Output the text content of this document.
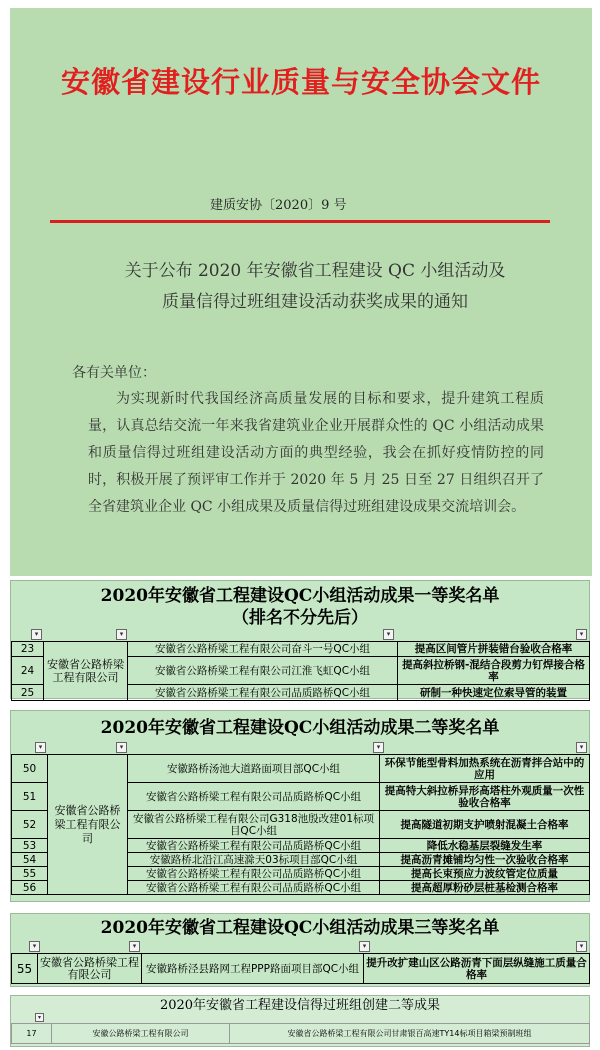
安徽省建设行业质量与安全协会文件
建质安协〔2020〕9 号
关于公布 2020 年安徽省工程建设 QC 小组活动及
质量信得过班组建设活动获奖成果的通知
各有关单位：
为实现新时代我国经济高质量发展的目标和要求，提升建筑工程质量，认真总结交流一年来我省建筑业企业开展群众性的 QC 小组活动成果和质量信得过班组建设活动方面的典型经验，我会在抓好疫情防控的同时，积极开展了预评审工作并于 2020 年 5 月 25 日至 27 日组织召开了全省建筑业企业 QC 小组成果及质量信得过班组建设成果交流培训会。
2020年安徽省工程建设QC小组活动成果一等奖名单
（排名不分先后）
▾	▾	▾	▾
23	安徽省公路桥梁工程有限公司	安徽省公路桥梁工程有限公司奋斗一号QC小组	提高区间管片拼装错台验收合格率
24		安徽省公路桥梁工程有限公司江淮飞虹QC小组	提高斜拉桥钢-混结合段剪力钉焊接合格率
25		安徽省公路桥梁工程有限公司品质路桥QC小组	研制一种快速定位索导管的装置
2020年安徽省工程建设QC小组活动成果二等奖名单
▾	▾	▾	▾
50	安徽省公路桥梁工程有限公司	安徽路桥汤池大道路面项目部QC小组	环保节能型骨料加热系统在沥青拌合站中的应用
51		安徽省公路桥梁工程有限公司品质路桥QC小组	提高特大斜拉桥异形高塔柱外观质量一次性验收合格率
52		安徽省公路桥梁工程有限公司G318池殷改建01标项目QC小组	提高隧道初期支护喷射混凝土合格率
53		安徽省公路桥梁工程有限公司品质路桥QC小组	降低水稳基层裂缝发生率
54		安徽路桥北沿江高速滁天03标项目部QC小组	提高沥青摊铺均匀性一次验收合格率
55		安徽省公路桥梁工程有限公司品质路桥QC小组	提高长束预应力波纹管定位质量
56		安徽省公路桥梁工程有限公司品质路桥QC小组	提高超厚粉砂层桩基检测合格率
2020年安徽省工程建设QC小组活动成果三等奖名单
▾	▾	▾	▾
55	安徽省公路桥梁工程有限公司	安徽路桥泾县路网工程PPP路面项目部QC小组	提升改扩建山区公路沥青下面层纵缝施工质量合格率
2020年安徽省工程建设信得过班组创建二等成果
▾
17	安徽公路桥梁工程有限公司	安徽省公路桥梁工程有限公司甘肃银百高速TY14标项目箱梁预制班组
